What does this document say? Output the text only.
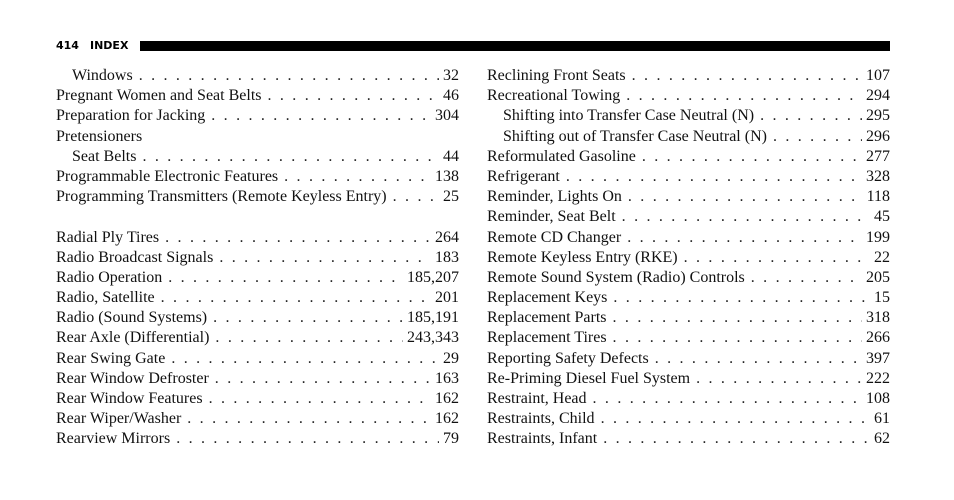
414 INDEX
Windows . . .	32
Pregnant Women and Seat Belts . . .	46
Preparation for Jacking . . .	304
Pretensioners
Seat Belts . . .	44
Programmable Electronic Features . . .	138
Programming Transmitters (Remote Keyless Entry) . . .	25
Radial Ply Tires . . .	264
Radio Broadcast Signals . . .	183
Radio Operation . . .	185,207
Radio, Satellite . . .	201
Radio (Sound Systems) . . .	185,191
Rear Axle (Differential) . . .	243,343
Rear Swing Gate . . .	29
Rear Window Defroster . . .	163
Rear Window Features . . .	162
Rear Wiper/Washer . . .	162
Rearview Mirrors . . .	79
Reclining Front Seats . . .	107
Recreational Towing . . .	294
Shifting into Transfer Case Neutral (N) . . .	295
Shifting out of Transfer Case Neutral (N) . . .	296
Reformulated Gasoline . . .	277
Refrigerant . . .	328
Reminder, Lights On . . .	118
Reminder, Seat Belt . . .	45
Remote CD Changer . . .	199
Remote Keyless Entry (RKE) . . .	22
Remote Sound System (Radio) Controls . . .	205
Replacement Keys . . .	15
Replacement Parts . . .	318
Replacement Tires . . .	266
Reporting Safety Defects . . .	397
Re-Priming Diesel Fuel System . . .	222
Restraint, Head . . .	108
Restraints, Child . . .	61
Restraints, Infant . . .	62
